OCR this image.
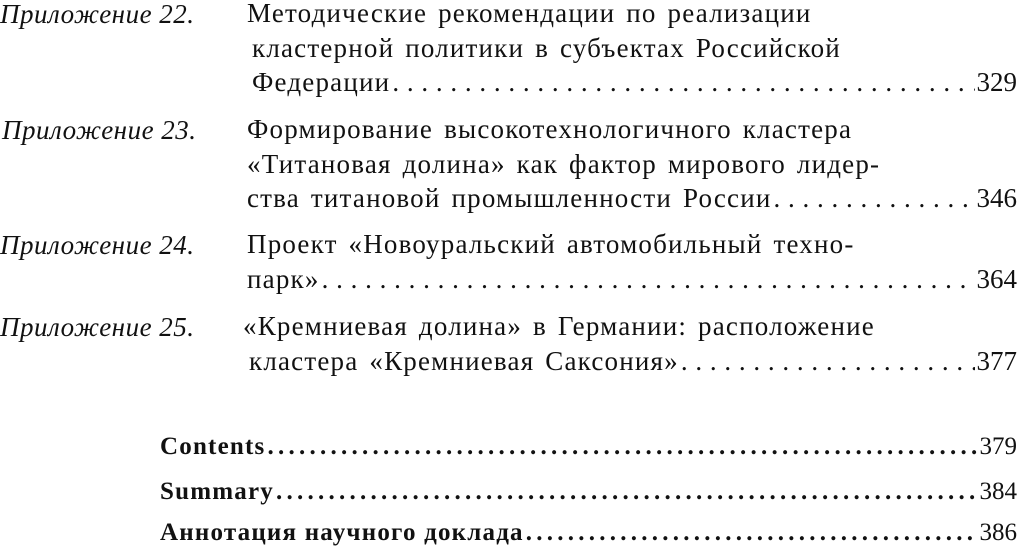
Приложение 22. Методические рекомендации по реализации
кластерной политики в субъектах Российской
Федерации . . .	329
Приложение 23. Формирование высокотехнологичного кластера
«Титановая долина» как фактор мирового лидер-
ства титановой промышленности России . . .	346
Приложение 24. Проект «Новоуральский автомобильный техно-
парк» . . .	364
Приложение 25. «Кремниевая долина» в Германии: расположение
кластера «Кремниевая Саксония» . . .	377
Contents . . .	379
Summary . . .	384
Аннотация научного доклада . . .	386
